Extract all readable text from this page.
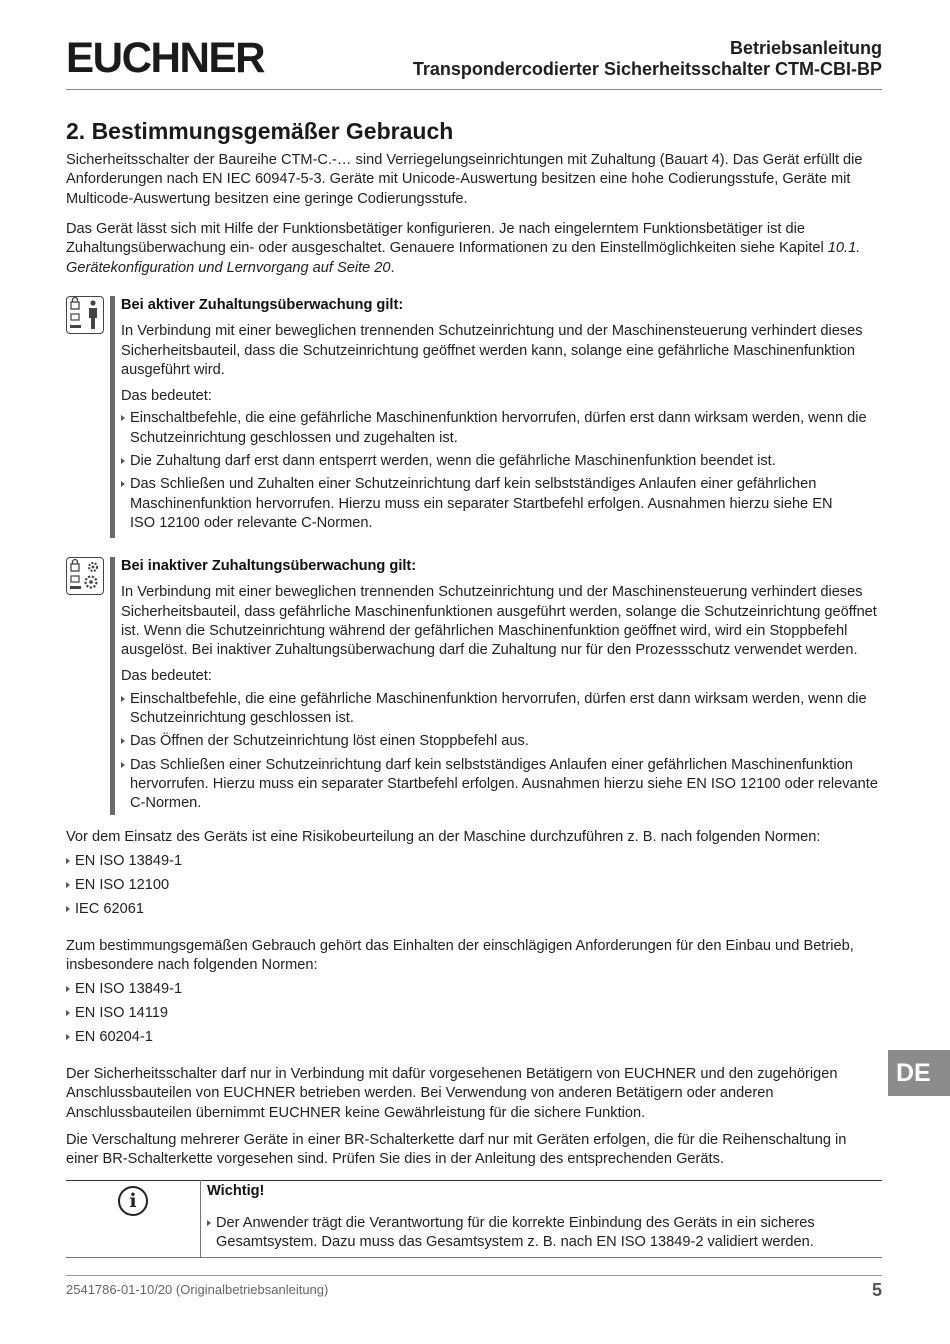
EUCHNER	Betriebsanleitung
Transpondercodierter Sicherheitsschalter CTM-CBI-BP
2. Bestimmungsgemäßer Gebrauch
Sicherheitsschalter der Baureihe CTM-C.-… sind Verriegelungseinrichtungen mit Zuhaltung (Bauart 4). Das Gerät erfüllt die Anforderungen nach EN IEC 60947-5-3. Geräte mit Unicode-Auswertung besitzen eine hohe Codierungsstufe, Geräte mit Multicode-Auswertung besitzen eine geringe Codierungsstufe.
Das Gerät lässt sich mit Hilfe der Funktionsbetätiger konfigurieren. Je nach eingelerntem Funktionsbetätiger ist die Zuhaltungsüberwachung ein- oder ausgeschaltet. Genauere Informationen zu den Einstellmöglichkeiten siehe Kapitel 10.1. Gerätekonfiguration und Lernvorgang auf Seite 20.
Bei aktiver Zuhaltungsüberwachung gilt:
In Verbindung mit einer beweglichen trennenden Schutzeinrichtung und der Maschinensteuerung verhindert dieses Sicherheitsbauteil, dass die Schutzeinrichtung geöffnet werden kann, solange eine gefährliche Maschinenfunktion ausgeführt wird.
Das bedeutet:
Einschaltbefehle, die eine gefährliche Maschinenfunktion hervorrufen, dürfen erst dann wirksam werden, wenn die Schutzeinrichtung geschlossen und zugehalten ist.
Die Zuhaltung darf erst dann entsperrt werden, wenn die gefährliche Maschinenfunktion beendet ist.
Das Schließen und Zuhalten einer Schutzeinrichtung darf kein selbstständiges Anlaufen einer gefährlichen Maschinenfunktion hervorrufen. Hierzu muss ein separater Startbefehl erfolgen. Ausnahmen hierzu siehe EN ISO 12100 oder relevante C-Normen.
Bei inaktiver Zuhaltungsüberwachung gilt:
In Verbindung mit einer beweglichen trennenden Schutzeinrichtung und der Maschinensteuerung verhindert dieses Sicherheitsbauteil, dass gefährliche Maschinenfunktionen ausgeführt werden, solange die Schutzeinrichtung geöffnet ist. Wenn die Schutzeinrichtung während der gefährlichen Maschinenfunktion geöffnet wird, wird ein Stoppbefehl ausgelöst. Bei inaktiver Zuhaltungsüberwachung darf die Zuhaltung nur für den Prozessschutz verwendet werden.
Das bedeutet:
Einschaltbefehle, die eine gefährliche Maschinenfunktion hervorrufen, dürfen erst dann wirksam werden, wenn die Schutzeinrichtung geschlossen ist.
Das Öffnen der Schutzeinrichtung löst einen Stoppbefehl aus.
Das Schließen einer Schutzeinrichtung darf kein selbstständiges Anlaufen einer gefährlichen Maschinenfunktion hervorrufen. Hierzu muss ein separater Startbefehl erfolgen. Ausnahmen hierzu siehe EN ISO 12100 oder relevante C-Normen.
Vor dem Einsatz des Geräts ist eine Risikobeurteilung an der Maschine durchzuführen z. B. nach folgenden Normen:
EN ISO 13849-1
EN ISO 12100
IEC 62061
Zum bestimmungsgemäßen Gebrauch gehört das Einhalten der einschlägigen Anforderungen für den Einbau und Betrieb, insbesondere nach folgenden Normen:
EN ISO 13849-1
EN ISO 14119
EN 60204-1
Der Sicherheitsschalter darf nur in Verbindung mit dafür vorgesehenen Betätigern von EUCHNER und den zugehörigen Anschlussbauteilen von EUCHNER betrieben werden. Bei Verwendung von anderen Betätigern oder anderen Anschlussbauteilen übernimmt EUCHNER keine Gewährleistung für die sichere Funktion.
Die Verschaltung mehrerer Geräte in einer BR-Schalterkette darf nur mit Geräten erfolgen, die für die Reihenschaltung in einer BR-Schalterkette vorgesehen sind. Prüfen Sie dies in der Anleitung des entsprechenden Geräts.
DE
i	Wichtig!
Der Anwender trägt die Verantwortung für die korrekte Einbindung des Geräts in ein sicheres Gesamtsystem. Dazu muss das Gesamtsystem z. B. nach EN ISO 13849-2 validiert werden.
2541786-01-10/20 (Originalbetriebsanleitung)	5
